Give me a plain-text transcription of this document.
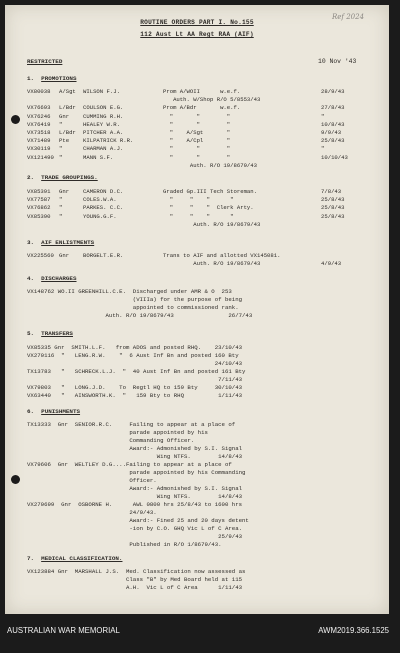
Ref 2024
ROUTINE ORDERS PART I. No.155
112 Aust Lt AA Regt RAA (AIF)
RESTRICTED	10 Nov '43
1. PROMOTIONS
VX80038 A/Sgt WILSON F.J.	Prom A/WOII      w.e.f.	28/9/43
Auth. W/Shop R/O 5/8553/43
VX76693 L/Bdr COULSON E.G.	Prom A/Bdr       w.e.f.	27/8/43
VX76246 Gnr CUMMING R.H.	"       "        "	"
VX76419 "	HEALEY W.R.	"       "        "	10/8/43
VX73518 L/Bdr PITCHER A.A.	"    A/Sgt       "	9/9/43
VX71489 Pte KILPATRICK R.R.	"    A/Cpl       "	25/8/43
VX30119 "	CHARMAN A.J.	"       "        "	"
VX121490 "	MANN S.F.	"       "        "	10/10/43
Auth. R/O 19/8679/43
2. TRADE GROUPINGS.
VX85391 Gnr CAMERON D.C.	Graded Gp.III Tech Storeman.	7/8/43
VX77587 "	COLES.W.A.	"     "    "      "	25/8/43
VX76862 "	PARKES. C.C.	"     "    "  Clerk Arty.	25/8/43
VX85390 "	YOUNG.G.F.	"     "    "      "	25/8/43
Auth. R/O 19/8679/43
3. AIF ENLISTMENTS
VX225560 Gnr BORGELT.E.R.	Trans to AIF and allotted VX145081.
Auth. R/O 19/8679/43	4/9/43
4. DISCHARGES
VX148762 WO.II GREENHILL.C.E.  Discharged under AMR & O  253
(VIIIa) for the purpose of being
appointed to commissioned rank.
Auth. R/O 19/8679/43                26/7/43
5. TRANSFERS
VX85335 Gnr  SMITH.L.F.   from ADOS and posted RHQ.    23/10/43
VX270116  "   LENG.R.W.    "  6 Aust Inf Bn and posted 160 Bty
24/10/43
TX13783   "   SCHRECK.L.J.  "  40 Aust Inf Bn and posted 161 Bty
7/11/43
VX79803   "   LONG.J.D.    To  Regtl HQ to 159 Bty     30/10/43
VX63440   "   AINSWORTH.K.  "   159 Bty to RHQ          1/11/43
6. PUNISHMENTS
TX13333  Gnr  SENIOR.R.C.     Failing to appear at a place of
parade appointed by his
Commanding Officer.
Award:- Admonished by S.I. Signal
Wing NTFS.        14/8/43
VX79606  Gnr  WELTLEY D.G....Failing to appear at a place of
parade appointed by his Commanding
Officer.
Award:- Admonished by S.I. Signal
Wing NTFS.        14/8/43
VX270699  Gnr  OSBORNE H.      AWL 0800 hrs 25/8/43 to 1600 hrs
24/9/43.
Award:- Fined 25 and 20 days detent
-ion by C.O. GHQ Vic L of C Area.
25/9/43
Published in R/O 1/8679/43.
7. MEDICAL CLASSIFICATION.
VX123884 Gnr  MARSHALL J.S.  Med. Classification now assessed as
Class "B" by Med Board held at 115
A.H.  Vic L of C Area      1/11/43
AUSTRALIAN WAR MEMORIAL	AWM2019.366.1525
